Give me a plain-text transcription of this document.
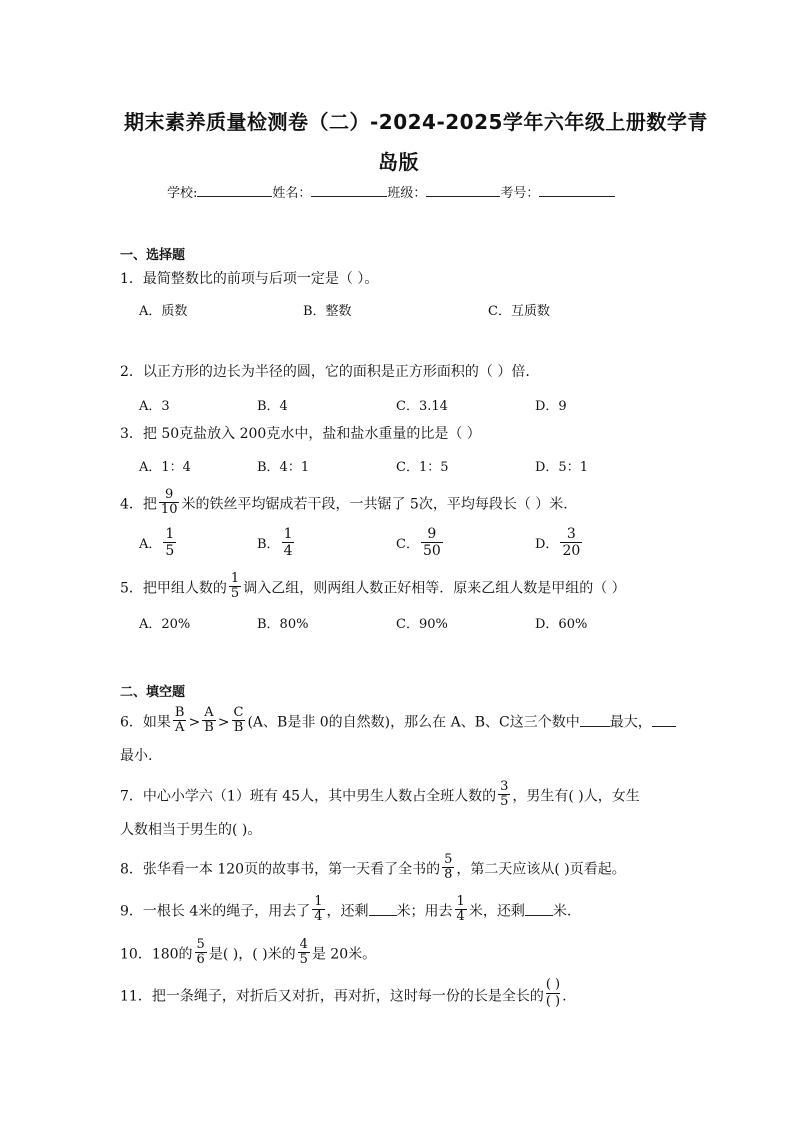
期末素养质量检测卷（二）-2024-2025学年六年级上册数学青
岛版
学校:	姓名：	班级：	考号：
一、选择题
1．最简整数比的前项与后项一定是（ ）。
A．质数	B．整数	C．互质数
2．以正方形的边长为半径的圆，它的面积是正方形面积的（ ）倍.
A．3	B．4	C．3.14	D．9
3．把 50克盐放入 200克水中，盐和盐水重量的比是（ ）
A．1：4	B．4：1	C．1：5	D．5：1
4．把 $\frac{9}{10}$ 米的铁丝平均锯成若干段，一共锯了 5次，平均每段长（ ）米.
A． $\frac{1}{5}$	B． $\frac{1}{4}$	C． $\frac{9}{50}$	D． $\frac{3}{20}$
5．把甲组人数的 $\frac{1}{5}$ 调入乙组，则两组人数正好相等．原来乙组人数是甲组的（ ）
A．20%	B．80%	C．90%	D．60%
二、填空题
6．如果 $\frac{B}{A} > \frac{A}{B} > \frac{C}{B} (A$、B是非 0的自然数)，那么在 A、B、C这三个数中 最大，
最小.
7．中心小学六（1）班有 45人，其中男生人数占全班人数的 $\frac{3}{5}$ ，男生有( )人，女生
人数相当于男生的( )。
8．张华看一本 120页的故事书，第一天看了全书的 $\frac{5}{8}$ ，第二天应该从( )页看起。
9．一根长 4米的绳子，用去了 $\frac{1}{4}$ ，还剩 米；用去 $\frac{1}{4}$ 米，还剩 米.
10．180的 $\frac{5}{6}$ 是( )，( )米的 $\frac{4}{5}$ 是 20米。
11．把一条绳子，对折后又对折，再对折，这时每一份的长是全长的 $\frac{( )}{( )}$ .
